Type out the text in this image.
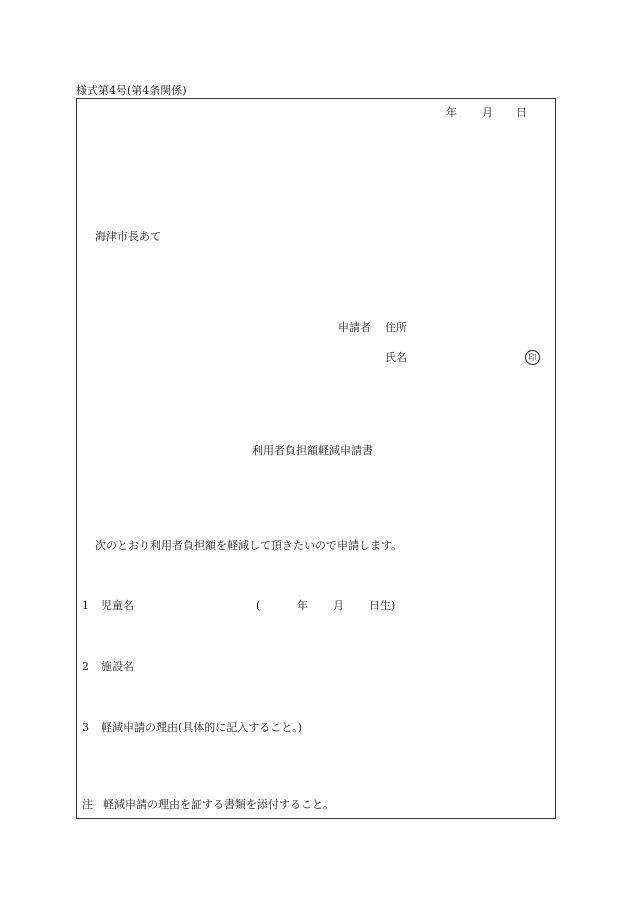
様式第4号(第4条関係)
年 月 日
海津市長あて
申請者 住所
氏名	印
利用者負担額軽減申請書
次のとおり利用者負担額を軽減して頂きたいので申請します。
1 児童名	(	年 月 日生)
2 施設名
3 軽減申請の理由(具体的に記入すること。)
注 軽減申請の理由を証する書類を添付すること。
